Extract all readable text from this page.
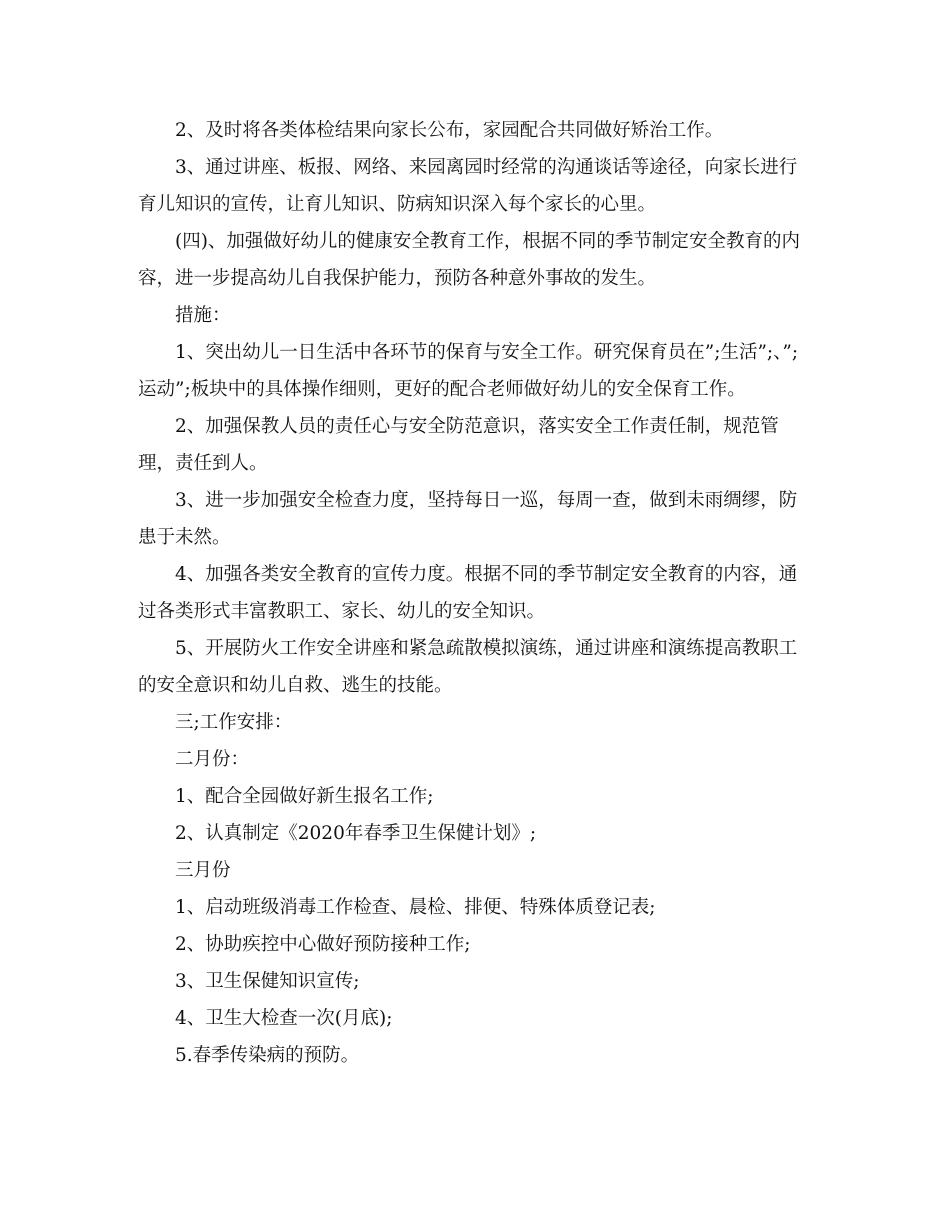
2、及时将各类体检结果向家长公布，家园配合共同做好矫治工作。

3、通过讲座、板报、网络、来园离园时经常的沟通谈话等途径，向家长进行育儿知识的宣传，让育儿知识、防病知识深入每个家长的心里。

(四)、加强做好幼儿的健康安全教育工作，根据不同的季节制定安全教育的内容，进一步提高幼儿自我保护能力，预防各种意外事故的发生。

措施：

1、突出幼儿一日生活中各环节的保育与安全工作。研究保育员在”;生活”;、”;运动”;板块中的具体操作细则，更好的配合老师做好幼儿的安全保育工作。

2、加强保教人员的责任心与安全防范意识，落实安全工作责任制，规范管理，责任到人。

3、进一步加强安全检查力度，坚持每日一巡，每周一查，做到未雨绸缪，防患于未然。

4、加强各类安全教育的宣传力度。根据不同的季节制定安全教育的内容，通过各类形式丰富教职工、家长、幼儿的安全知识。

5、开展防火工作安全讲座和紧急疏散模拟演练，通过讲座和演练提高教职工的安全意识和幼儿自救、逃生的技能。

三;工作安排：

二月份：

1、配合全园做好新生报名工作;

2、认真制定《2020年春季卫生保健计划》;

三月份

1、启动班级消毒工作检查、晨检、排便、特殊体质登记表;

2、协助疾控中心做好预防接种工作;

3、卫生保健知识宣传;

4、卫生大检查一次(月底);

5.春季传染病的预防。
